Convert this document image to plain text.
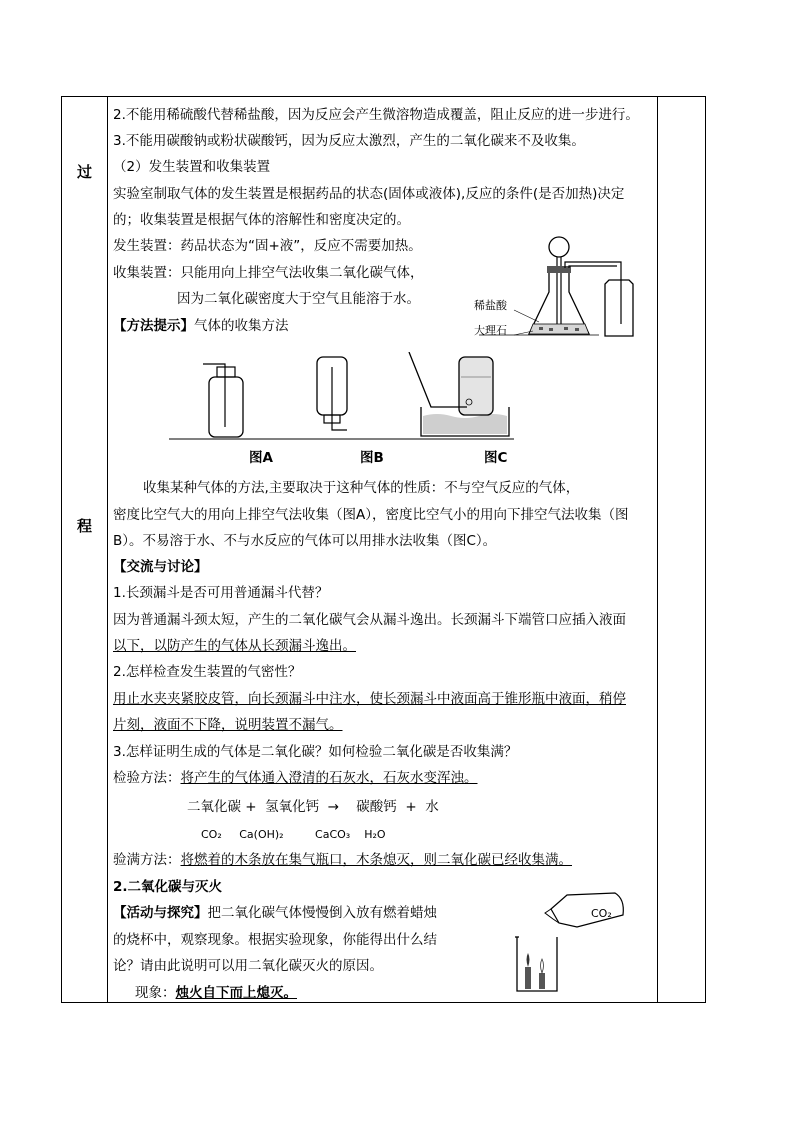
过
程
2.不能用稀硫酸代替稀盐酸，因为反应会产生微溶物造成覆盖，阻止反应的进一步进行。
3.不能用碳酸钠或粉状碳酸钙，因为反应太激烈，产生的二氧化碳来不及收集。
（2）发生装置和收集装置
实验室制取气体的发生装置是根据药品的状态(固体或液体),反应的条件(是否加热)决定
的；收集装置是根据气体的溶解性和密度决定的。
发生装置：药品状态为“固+液”，反应不需要加热。
收集装置：只能用向上排空气法收集二氧化碳气体，
因为二氧化碳密度大于空气且能溶于水。
【方法提示】气体的收集方法
稀盐酸
大理石
图A	图B	图C
收集某种气体的方法,主要取决于这种气体的性质：不与空气反应的气体，
密度比空气大的用向上排空气法收集（图A），密度比空气小的用向下排空气法收集（图
B）。不易溶于水、不与水反应的气体可以用排水法收集（图C）。
【交流与讨论】
1.长颈漏斗是否可用普通漏斗代替？
因为普通漏斗颈太短，产生的二氧化碳气会从漏斗逸出。长颈漏斗下端管口应插入液面
以下，以防产生的气体从长颈漏斗逸出。
2.怎样检查发生装置的气密性？
用止水夹夹紧胶皮管，向长颈漏斗中注水，使长颈漏斗中液面高于锥形瓶中液面，稍停
片刻，液面不下降，说明装置不漏气。
3.怎样证明生成的气体是二氧化碳？如何检验二氧化碳是否收集满？
检验方法：将产生的气体通入澄清的石灰水，石灰水变浑浊。
二氧化碳 +  氢氧化钙  →    碳酸钙  +  水
CO₂     Ca(OH)₂         CaCO₃    H₂O
验满方法：将燃着的木条放在集气瓶口，木条熄灭，则二氧化碳已经收集满。
2.二氧化碳与灭火
【活动与探究】把二氧化碳气体慢慢倒入放有燃着蜡烛
的烧杯中，观察现象。根据实验现象，你能得出什么结
论？请由此说明可以用二氧化碳灭火的原因。
现象：烛火自下而上熄灭。
CO₂
